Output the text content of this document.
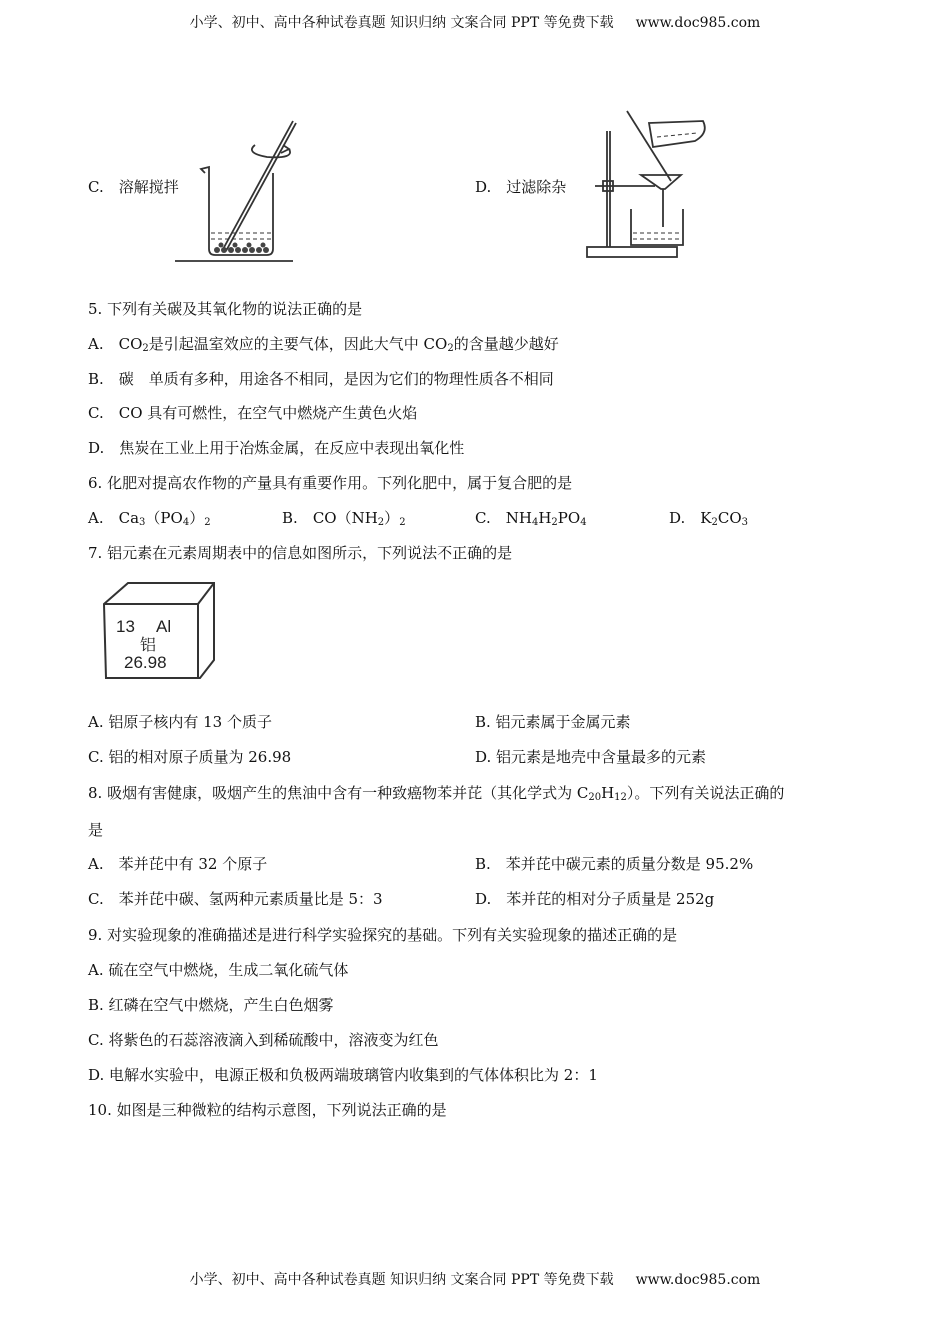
小学、初中、高中各种试卷真题 知识归纳 文案合同 PPT 等免费下载 www.doc985.com
C.　溶解搅拌	D.　过滤除杂
5. 下列有关碳及其氧化物的说法正确的是
A.　 $CO_2$是引起温室效应的主要气体，因此大气中 $CO_2$的含量越少越好
B.　碳　单质有多种，用途各不相同，是因为它们的物理性质各不相同
C.　CO 具有可燃性，在空气中燃烧产生黄色火焰
D.　焦炭在工业上用于冶炼金属，在反应中表现出氧化性
6. 化肥对提高农作物的产量具有重要作用。下列化肥中，属于复合肥的是
A.　 $Ca_3(PO_4)_2$	B.　 $CO(NH_2)_2$	C.　 $NH_4H_2PO_4$	D.　 $K_2CO_3$
7. 铝元素在元素周期表中的信息如图所示，下列说法不正确的是
13 Al
铝
26.98
A. 铝原子核内有 13 个质子	B. 铝元素属于金属元素
C. 铝的相对原子质量为 26.98	D. 铝元素是地壳中含量最多的元素
8. 吸烟有害健康，吸烟产生的焦油中含有一种致癌物苯并芘（其化学式为 $C_{20}H_{12}$）。下列有关说法正确的
是
A.　苯并芘中有 32 个原子	B.　苯并芘中碳元素的质量分数是 95.2%
C.　苯并芘中碳、氢两种元素质量比是 5：3	D.　苯并芘的相对分子质量是 252g
9. 对实验现象的准确描述是进行科学实验探究的基础。下列有关实验现象的描述正确的是
A. 硫在空气中燃烧，生成二氧化硫气体
B. 红磷在空气中燃烧，产生白色烟雾
C. 将紫色的石蕊溶液滴入到稀硫酸中，溶液变为红色
D. 电解水实验中，电源正极和负极两端玻璃管内收集到的气体体积比为 2：1
10. 如图是三种微粒的结构示意图，下列说法正确的是
小学、初中、高中各种试卷真题 知识归纳 文案合同 PPT 等免费下载 www.doc985.com
